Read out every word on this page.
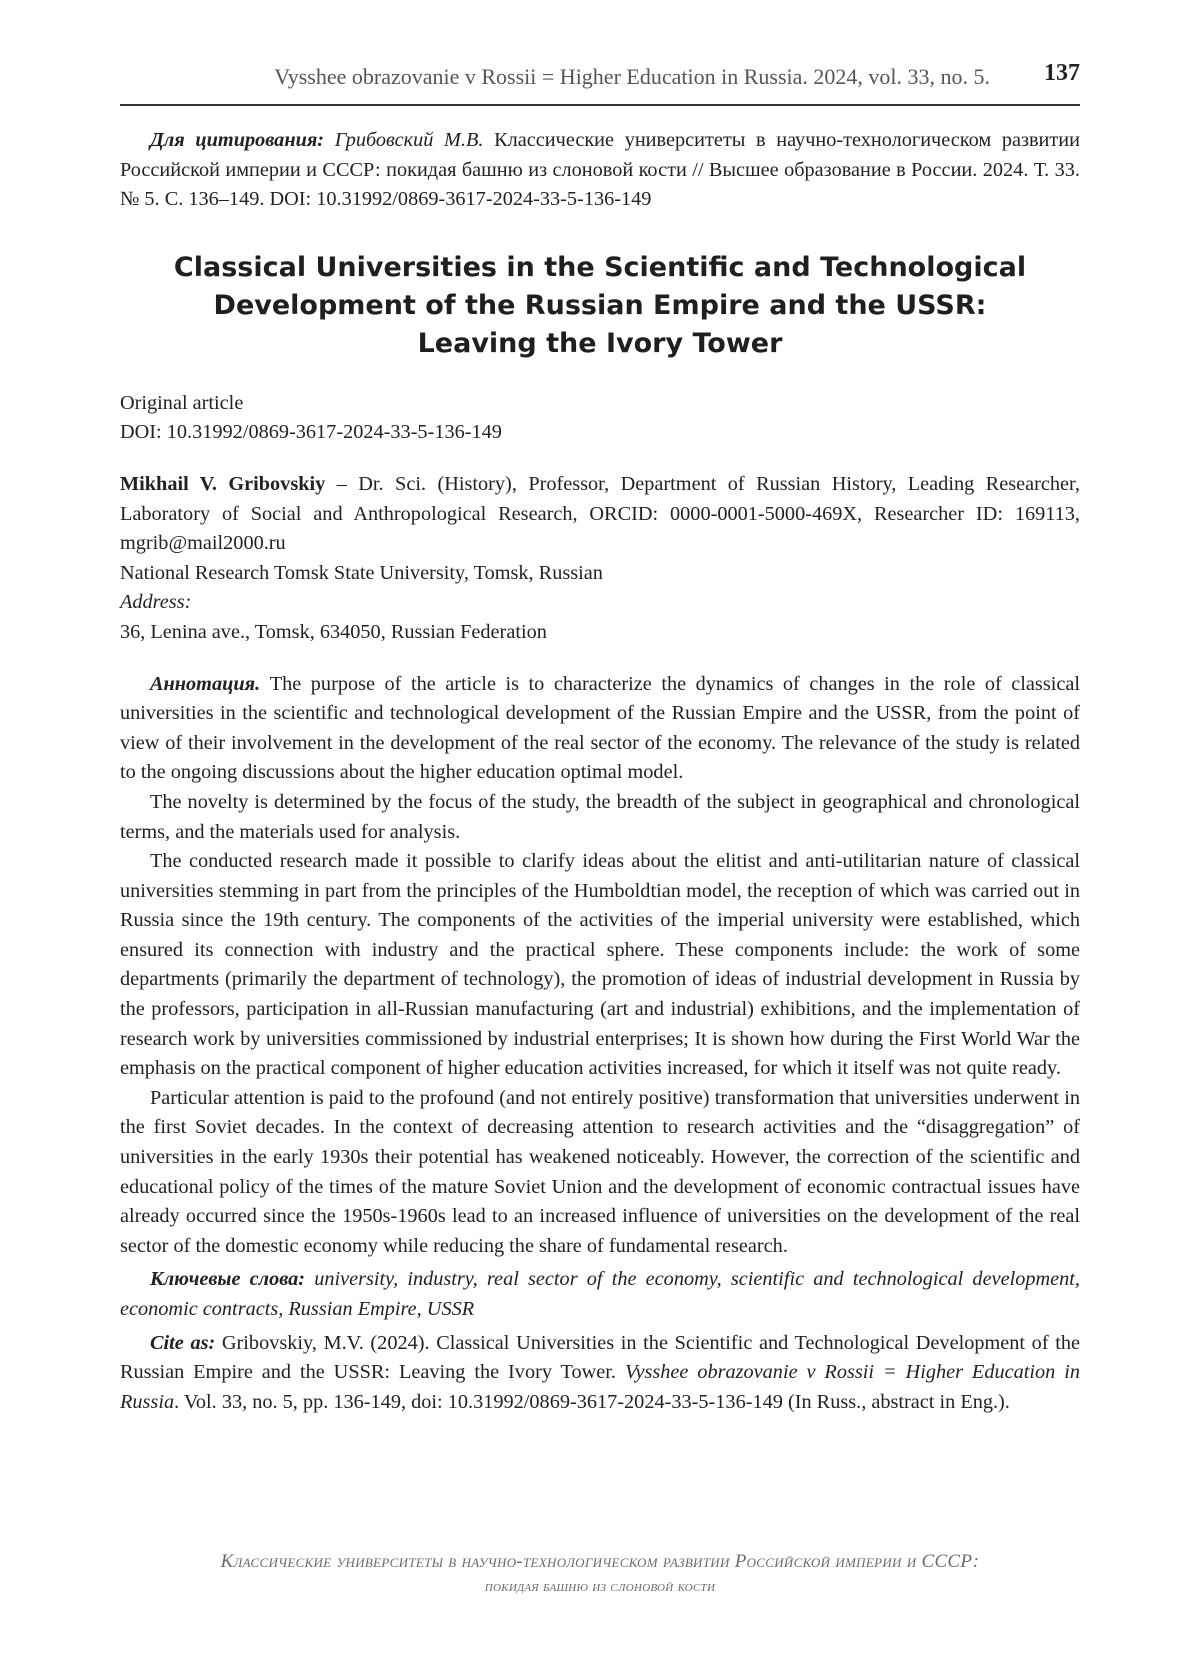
Vysshee obrazovanie v Rossii = Higher Education in Russia. 2024, vol. 33, no. 5. 137

Для цитирования: Грибовский М.В. Классические университеты в научно-технологическом развитии Российской империи и СССР: покидая башню из слоновой кости // Высшее образование в России. 2024. Т. 33. № 5. С. 136–149. DOI: 10.31992/0869-3617-2024-33-5-136-149

Classical Universities in the Scientific and Technological
Development of the Russian Empire and the USSR:
Leaving the Ivory Tower
Original article
DOI: 10.31992/0869-3617-2024-33-5-136-149

Mikhail V. Gribovskiy – Dr. Sci. (History), Professor, Department of Russian History, Leading Researcher, Laboratory of Social and Anthropological Research, ORCID: 0000-0001-5000-469X, Researcher ID: 169113, mgrib@mail2000.ru

National Research Tomsk State University, Tomsk, Russian

Address:
36, Lenina ave., Tomsk, 634050, Russian Federation

Аннотация. The purpose of the article is to characterize the dynamics of changes in the role of classical universities in the scientific and technological development of the Russian Empire and the USSR, from the point of view of their involvement in the development of the real sector of the economy. The relevance of the study is related to the ongoing discussions about the higher education optimal model.

The novelty is determined by the focus of the study, the breadth of the subject in geographical and chronological terms, and the materials used for analysis.

The conducted research made it possible to clarify ideas about the elitist and anti-utilitarian nature of classical universities stemming in part from the principles of the Humboldtian model, the reception of which was carried out in Russia since the 19th century. The components of the activities of the imperial university were established, which ensured its connection with industry and the practical sphere. These components include: the work of some departments (primarily the department of technology), the promotion of ideas of industrial development in Russia by the professors, participation in all-Russian manufacturing (art and industrial) exhibitions, and the implementation of research work by universities commissioned by industrial enterprises; It is shown how during the First World War the emphasis on the practical component of higher education activities increased, for which it itself was not quite ready.

Particular attention is paid to the profound (and not entirely positive) transformation that universities underwent in the first Soviet decades. In the context of decreasing attention to research activities and the “disaggregation” of universities in the early 1930s their potential has weakened noticeably. However, the correction of the scientific and educational policy of the times of the mature Soviet Union and the development of economic contractual issues have already occurred since the 1950s-1960s lead to an increased influence of universities on the development of the real sector of the domestic economy while reducing the share of fundamental research.

Ключевые слова: university, industry, real sector of the economy, scientific and technological development, economic contracts, Russian Empire, USSR

Cite as: Gribovskiy, M.V. (2024). Classical Universities in the Scientific and Technological Development of the Russian Empire and the USSR: Leaving the Ivory Tower. Vysshee obrazovanie v Rossii = Higher Education in Russia. Vol. 33, no. 5, pp. 136-149, doi: 10.31992/0869-3617-2024-33-5-136-149 (In Russ., abstract in Eng.).

Классические университеты в научно-технологическом развитии Российской империи и СССР:
покидая башню из слоновой кости
